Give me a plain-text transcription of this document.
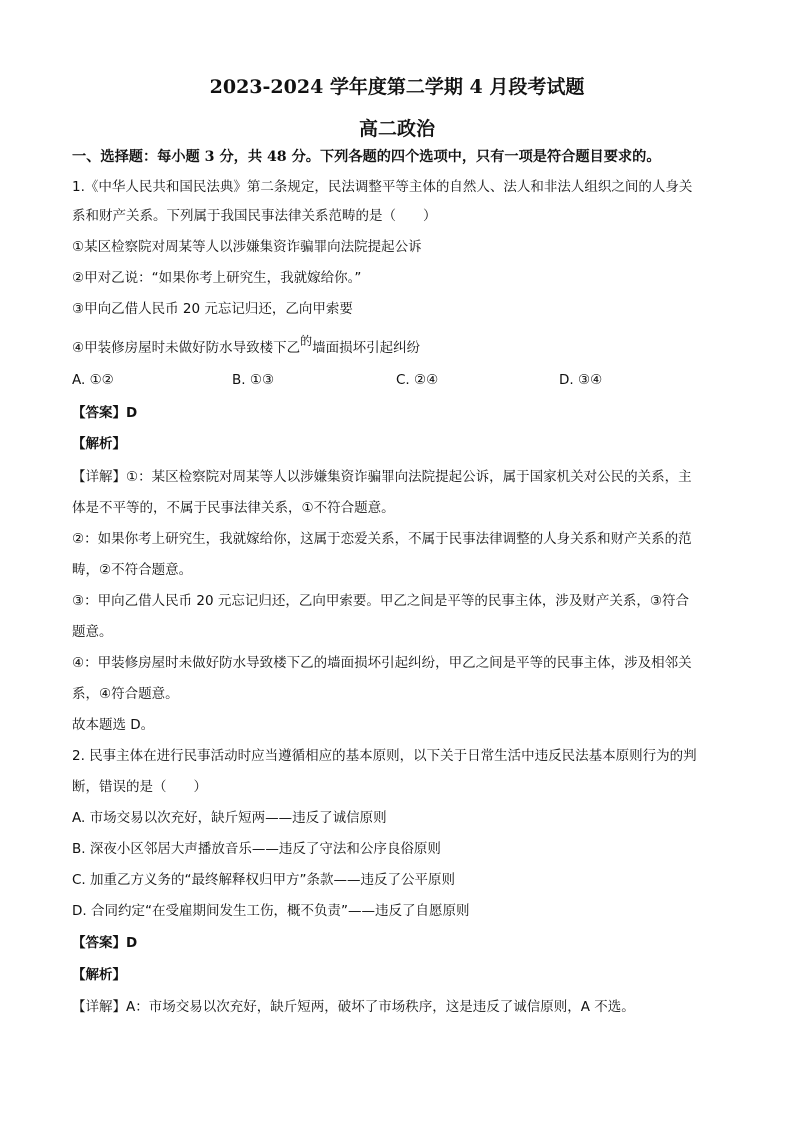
2023-2024 学年度第二学期 4 月段考试题
高二政治
一、选择题：每小题 3 分，共 48 分。下列各题的四个选项中，只有一项是符合题目要求的。
1.《中华人民共和国民法典》第二条规定，民法调整平等主体的自然人、法人和非法人组织之间的人身关
系和财产关系。下列属于我国民事法律关系范畴的是（　　）
①某区检察院对周某等人以涉嫌集资诈骗罪向法院提起公诉
②甲对乙说：“如果你考上研究生，我就嫁给你。”
③甲向乙借人民币 20 元忘记归还，乙向甲索要
④甲装修房屋时未做好防水导致楼下乙的墙面损坏引起纠纷
A. ①②	B. ①③	C. ②④	D. ③④
【答案】D
【解析】
【详解】①：某区检察院对周某等人以涉嫌集资诈骗罪向法院提起公诉，属于国家机关对公民的关系，主
体是不平等的，不属于民事法律关系，①不符合题意。
②：如果你考上研究生，我就嫁给你，这属于恋爱关系，不属于民事法律调整的人身关系和财产关系的范
畴，②不符合题意。
③：甲向乙借人民币 20 元忘记归还，乙向甲索要。甲乙之间是平等的民事主体，涉及财产关系，③符合
题意。
④：甲装修房屋时未做好防水导致楼下乙的墙面损坏引起纠纷，甲乙之间是平等的民事主体，涉及相邻关
系，④符合题意。
故本题选 D。
2. 民事主体在进行民事活动时应当遵循相应的基本原则，以下关于日常生活中违反民法基本原则行为的判
断，错误的是（　　）
A. 市场交易以次充好，缺斤短两——违反了诚信原则
B. 深夜小区邻居大声播放音乐——违反了守法和公序良俗原则
C. 加重乙方义务的“最终解释权归甲方”条款——违反了公平原则
D. 合同约定“在受雇期间发生工伤，概不负责”——违反了自愿原则
【答案】D
【解析】
【详解】A：市场交易以次充好，缺斤短两，破坏了市场秩序，这是违反了诚信原则，A 不选。
